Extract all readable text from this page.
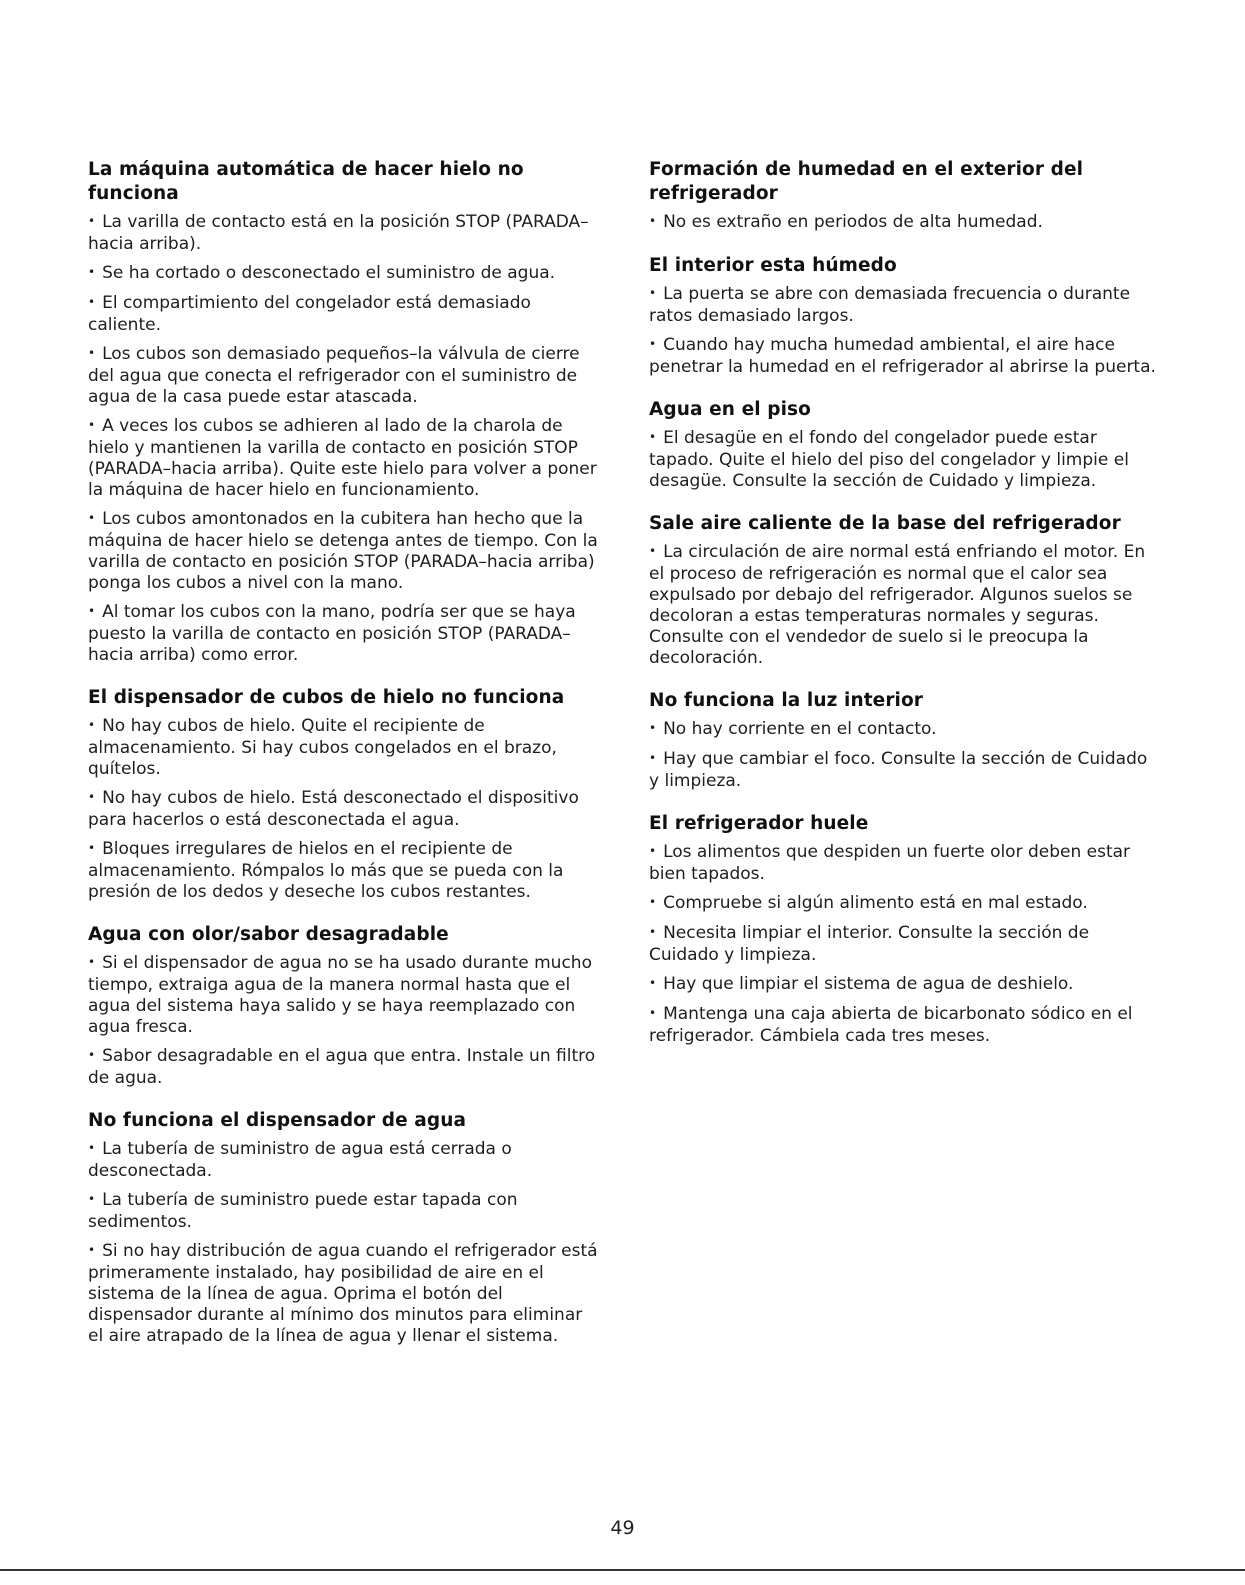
La máquina automática de hacer hielo no funciona

• La varilla de contacto está en la posición STOP (PARADA–hacia arriba).

• Se ha cortado o desconectado el suministro de agua.

• El compartimiento del congelador está demasiado caliente.

• Los cubos son demasiado pequeños–la válvula de cierre del agua que conecta el refrigerador con el suministro de agua de la casa puede estar atascada.

• A veces los cubos se adhieren al lado de la charola de hielo y mantienen la varilla de contacto en posición STOP (PARADA–hacia arriba). Quite este hielo para volver a poner la máquina de hacer hielo en funcionamiento.

• Los cubos amontonados en la cubitera han hecho que la máquina de hacer hielo se detenga antes de tiempo. Con la varilla de contacto en posición STOP (PARADA–hacia arriba) ponga los cubos a nivel con la mano.

• Al tomar los cubos con la mano, podría ser que se haya puesto la varilla de contacto en posición STOP (PARADA–hacia arriba) como error.

El dispensador de cubos de hielo no funciona

• No hay cubos de hielo. Quite el recipiente de almacenamiento. Si hay cubos congelados en el brazo, quítelos.

• No hay cubos de hielo. Está desconectado el dispositivo para hacerlos o está desconectada el agua.

• Bloques irregulares de hielos en el recipiente de almacenamiento. Rómpalos lo más que se pueda con la presión de los dedos y deseche los cubos restantes.

Agua con olor/sabor desagradable

• Si el dispensador de agua no se ha usado durante mucho tiempo, extraiga agua de la manera normal hasta que el agua del sistema haya salido y se haya reemplazado con agua fresca.

• Sabor desagradable en el agua que entra. Instale un filtro de agua.

No funciona el dispensador de agua

• La tubería de suministro de agua está cerrada o desconectada.

• La tubería de suministro puede estar tapada con sedimentos.

• Si no hay distribución de agua cuando el refrigerador está primeramente instalado, hay posibilidad de aire en el sistema de la línea de agua. Oprima el botón del dispensador durante al mínimo dos minutos para eliminar el aire atrapado de la línea de agua y llenar el sistema.

Formación de humedad en el exterior del refrigerador

• No es extraño en periodos de alta humedad.

El interior esta húmedo

• La puerta se abre con demasiada frecuencia o durante ratos demasiado largos.

• Cuando hay mucha humedad ambiental, el aire hace penetrar la humedad en el refrigerador al abrirse la puerta.

Agua en el piso

• El desagüe en el fondo del congelador puede estar tapado. Quite el hielo del piso del congelador y limpie el desagüe. Consulte la sección de Cuidado y limpieza.

Sale aire caliente de la base del refrigerador

• La circulación de aire normal está enfriando el motor. En el proceso de refrigeración es normal que el calor sea expulsado por debajo del refrigerador. Algunos suelos se decoloran a estas temperaturas normales y seguras. Consulte con el vendedor de suelo si le preocupa la decoloración.

No funciona la luz interior

• No hay corriente en el contacto.

• Hay que cambiar el foco. Consulte la sección de Cuidado y limpieza.

El refrigerador huele

• Los alimentos que despiden un fuerte olor deben estar bien tapados.

• Compruebe si algún alimento está en mal estado.

• Necesita limpiar el interior. Consulte la sección de Cuidado y limpieza.

• Hay que limpiar el sistema de agua de deshielo.

• Mantenga una caja abierta de bicarbonato sódico en el refrigerador. Cámbiela cada tres meses.

49
